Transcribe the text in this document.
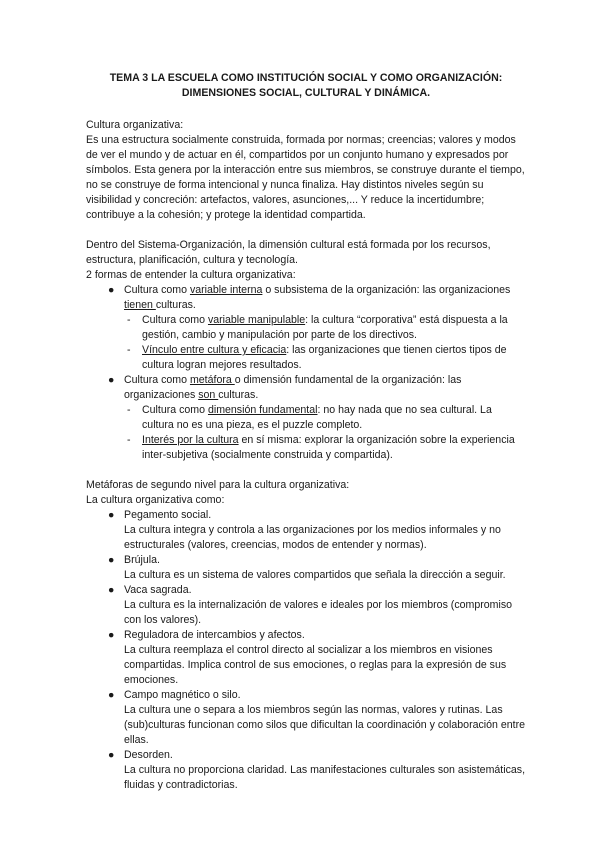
TEMA 3 LA ESCUELA COMO INSTITUCIÓN SOCIAL Y COMO ORGANIZACIÓN:
DIMENSIONES SOCIAL, CULTURAL Y DINÁMICA.

Cultura organizativa:

Es una estructura socialmente construida, formada por normas; creencias; valores y modos de ver el mundo y de actuar en él, compartidos por un conjunto humano y expresados por símbolos. Esta genera por la interacción entre sus miembros, se construye durante el tiempo, no se construye de forma intencional y nunca finaliza. Hay distintos niveles según su visibilidad y concreción: artefactos, valores, asunciones,... Y reduce la incertidumbre; contribuye a la cohesión; y protege la identidad compartida.

Dentro del Sistema-Organización, la dimensión cultural está formada por los recursos, estructura, planificación, cultura y tecnología.

2 formas de entender la cultura organizativa:

● Cultura como variable interna o subsistema de la organización: las organizaciones tienen culturas.
- Cultura como variable manipulable: la cultura “corporativa” está dispuesta a la gestión, cambio y manipulación por parte de los directivos.
- Vínculo entre cultura y eficacia: las organizaciones que tienen ciertos tipos de cultura logran mejores resultados.
● Cultura como metáfora o dimensión fundamental de la organización: las organizaciones son culturas.
- Cultura como dimensión fundamental: no hay nada que no sea cultural. La cultura no es una pieza, es el puzzle completo.
- Interés por la cultura en sí misma: explorar la organización sobre la experiencia inter-subjetiva (socialmente construida y compartida).

Metáforas de segundo nivel para la cultura organizativa:

La cultura organizativa como:

● Pegamento social.
La cultura integra y controla a las organizaciones por los medios informales y no estructurales (valores, creencias, modos de entender y normas).
● Brújula.
La cultura es un sistema de valores compartidos que señala la dirección a seguir.
● Vaca sagrada.
La cultura es la internalización de valores e ideales por los miembros (compromiso con los valores).
● Reguladora de intercambios y afectos.
La cultura reemplaza el control directo al socializar a los miembros en visiones compartidas. Implica control de sus emociones, o reglas para la expresión de sus emociones.
● Campo magnético o silo.
La cultura une o separa a los miembros según las normas, valores y rutinas. Las (sub)culturas funcionan como silos que dificultan la coordinación y colaboración entre ellas.
● Desorden.
La cultura no proporciona claridad. Las manifestaciones culturales son asistemáticas, fluidas y contradictorias.
